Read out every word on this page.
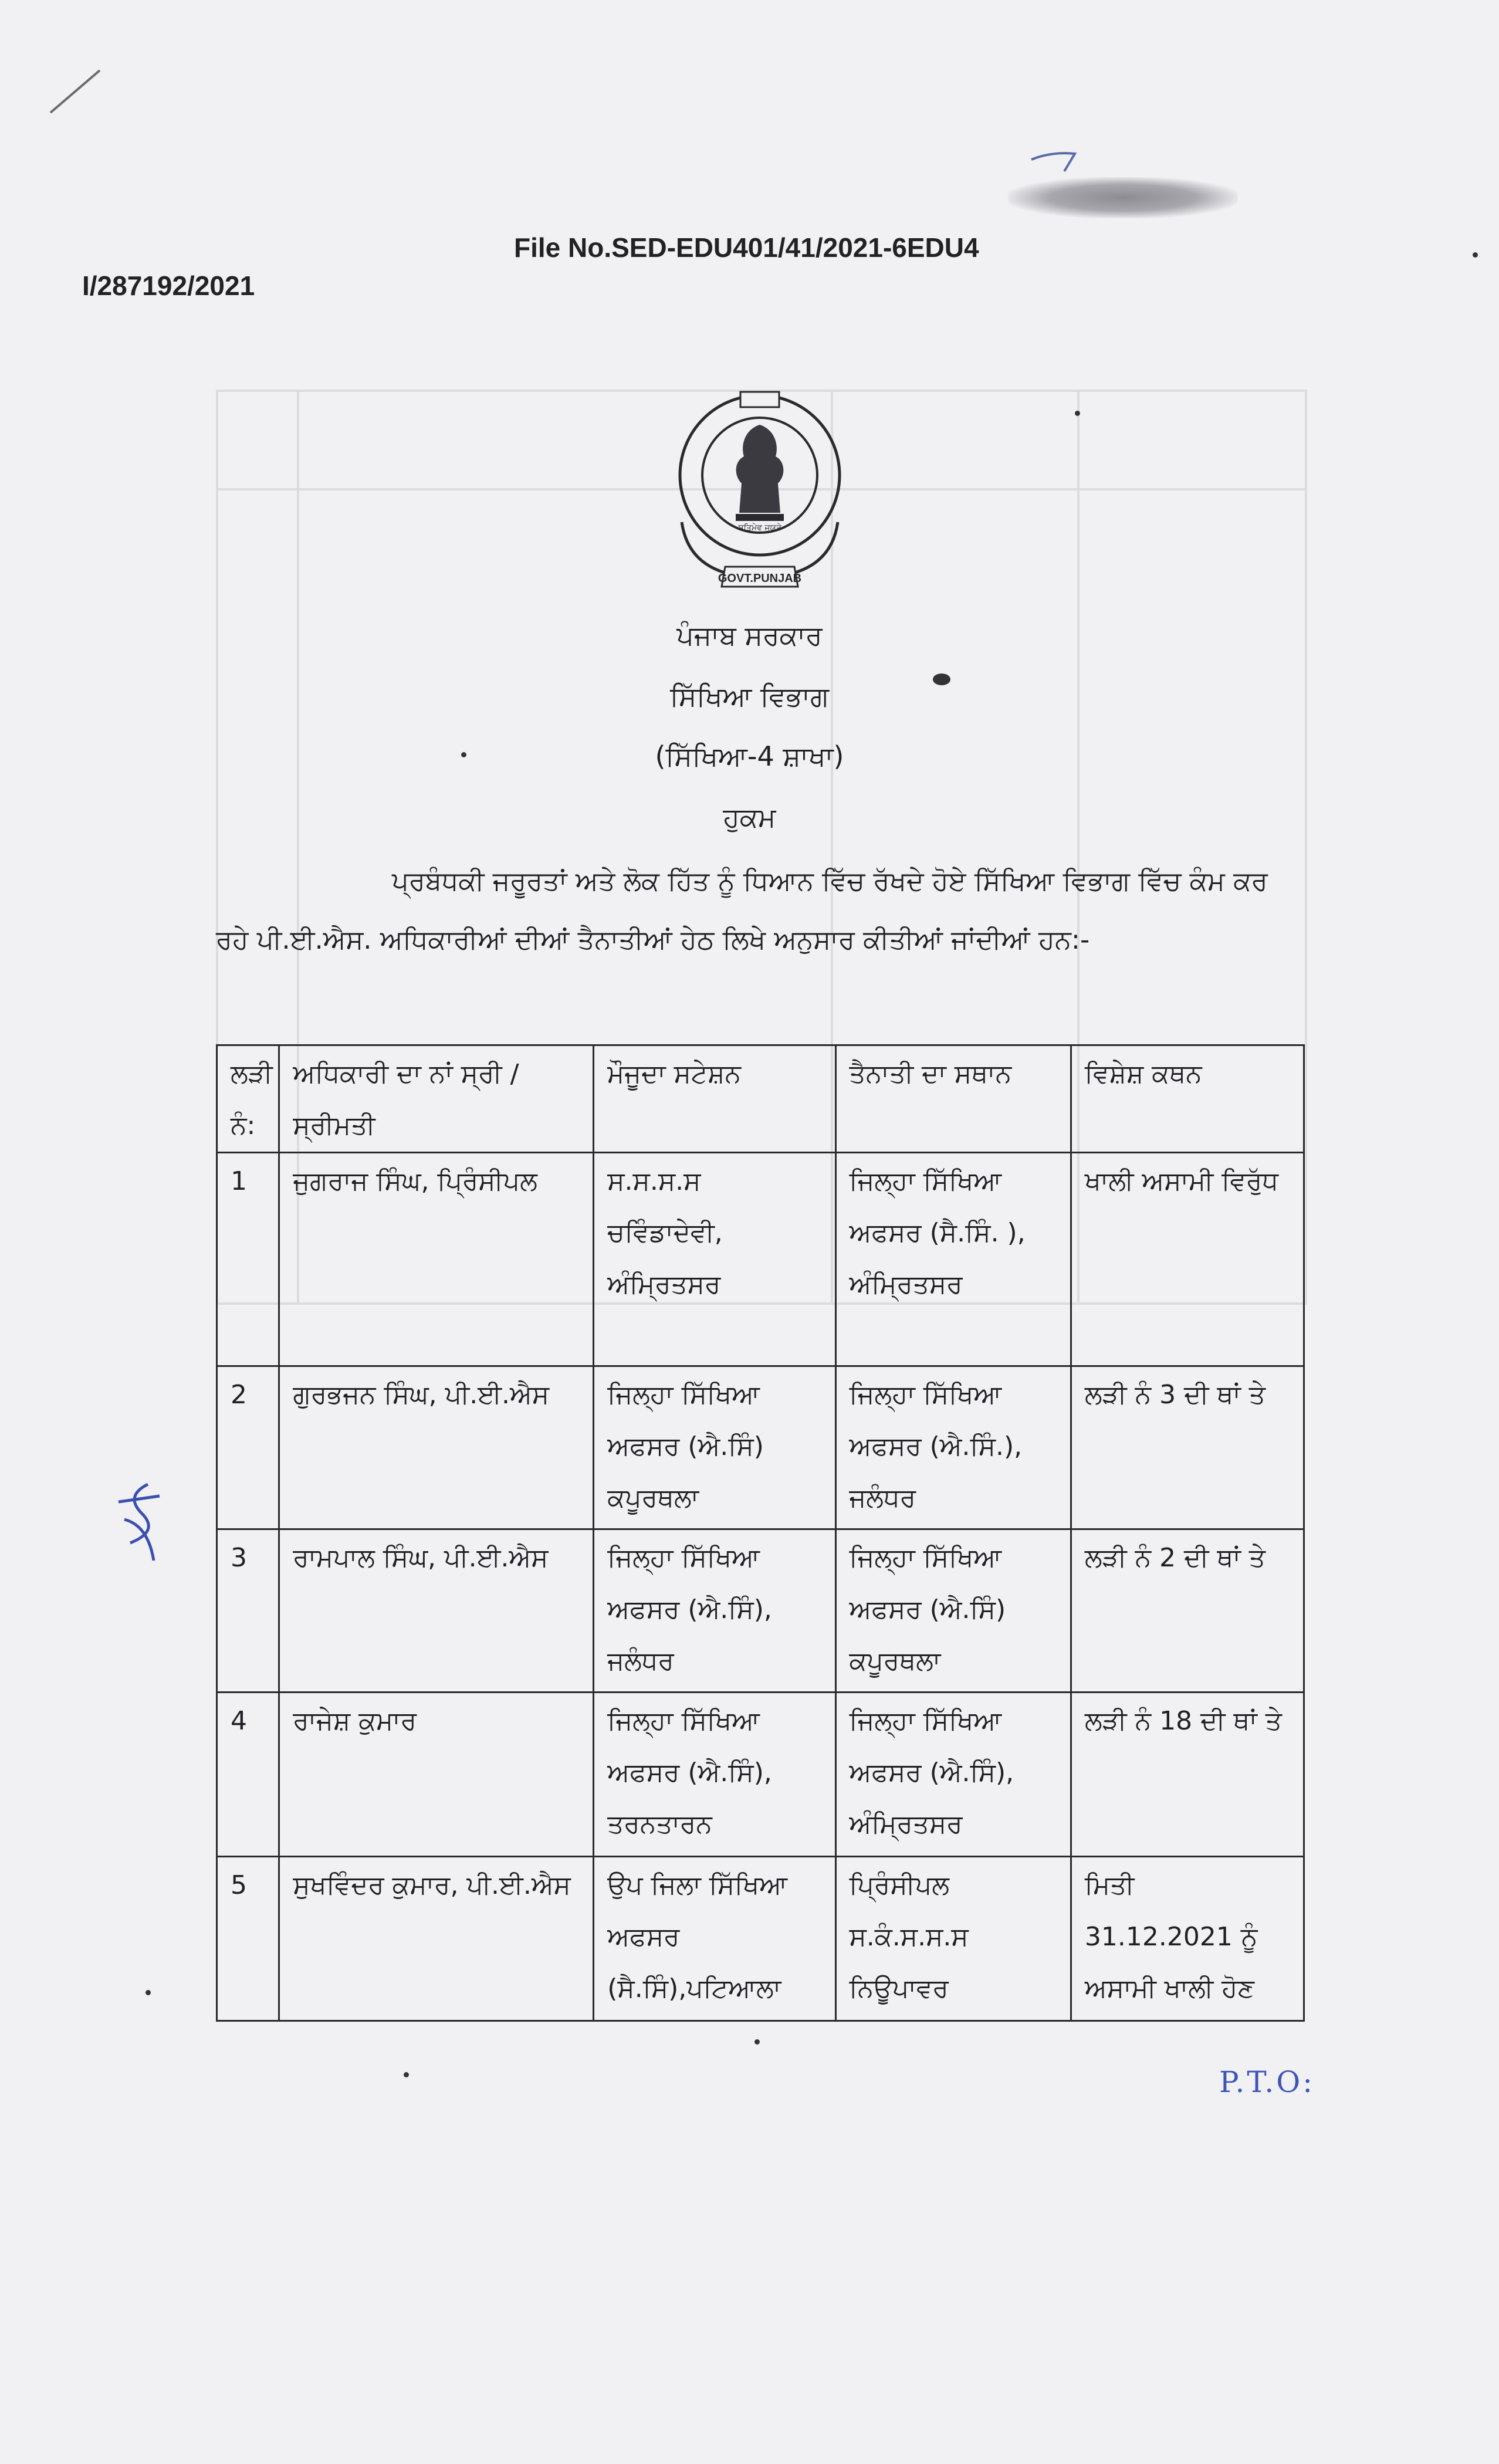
File No.SED-EDU401/41/2021-6EDU4
I/287192/2021
ਸਤਿਮੇਵ ਜਯਤੇ
GOVT.PUNJAB
ਪੰਜਾਬ ਸਰਕਾਰ
ਸਿੱਖਿਆ ਵਿਭਾਗ
(ਸਿੱਖਿਆ-4 ਸ਼ਾਖਾ)
ਹੁਕਮ
ਪ੍ਰਬੰਧਕੀ ਜਰੂਰਤਾਂ ਅਤੇ ਲੋਕ ਹਿੱਤ ਨੂੰ ਧਿਆਨ ਵਿੱਚ ਰੱਖਦੇ ਹੋਏ ਸਿੱਖਿਆ ਵਿਭਾਗ ਵਿੱਚ ਕੰਮ ਕਰ ਰਹੇ ਪੀ.ਈ.ਐਸ. ਅਧਿਕਾਰੀਆਂ ਦੀਆਂ ਤੈਨਾਤੀਆਂ ਹੇਠ ਲਿਖੇ ਅਨੁਸਾਰ ਕੀਤੀਆਂ ਜਾਂਦੀਆਂ ਹਨ:-
ਲੜੀ ਨੰ:	ਅਧਿਕਾਰੀ ਦਾ ਨਾਂ ਸ੍ਰੀ / ਸ੍ਰੀਮਤੀ	ਮੌਜੂਦਾ ਸਟੇਸ਼ਨ	ਤੈਨਾਤੀ ਦਾ ਸਥਾਨ	ਵਿਸ਼ੇਸ਼ ਕਥਨ
1	ਜੁਗਰਾਜ ਸਿੰਘ, ਪ੍ਰਿੰਸੀਪਲ	ਸ.ਸ.ਸ.ਸ ਚਵਿੰਡਾਦੇਵੀ, ਅੰਮ੍ਰਿਤਸਰ	ਜਿਲ੍ਹਾ ਸਿੱਖਿਆ ਅਫਸਰ (ਸੈ.ਸਿੰ. ), ਅੰਮ੍ਰਿਤਸਰ	ਖਾਲੀ ਅਸਾਮੀ ਵਿਰੁੱਧ
2	ਗੁਰਭਜਨ ਸਿੰਘ, ਪੀ.ਈ.ਐਸ	ਜਿਲ੍ਹਾ ਸਿੱਖਿਆ ਅਫਸਰ (ਐ.ਸਿੰ) ਕਪੂਰਥਲਾ	ਜਿਲ੍ਹਾ ਸਿੱਖਿਆ ਅਫਸਰ (ਐ.ਸਿੰ.), ਜਲੰਧਰ	ਲੜੀ ਨੰ 3 ਦੀ ਥਾਂ ਤੇ
3	ਰਾਮਪਾਲ ਸਿੰਘ, ਪੀ.ਈ.ਐਸ	ਜਿਲ੍ਹਾ ਸਿੱਖਿਆ ਅਫਸਰ (ਐ.ਸਿੰ), ਜਲੰਧਰ	ਜਿਲ੍ਹਾ ਸਿੱਖਿਆ ਅਫਸਰ (ਐ.ਸਿੰ) ਕਪੂਰਥਲਾ	ਲੜੀ ਨੰ 2 ਦੀ ਥਾਂ ਤੇ
4	ਰਾਜੇਸ਼ ਕੁਮਾਰ	ਜਿਲ੍ਹਾ ਸਿੱਖਿਆ ਅਫਸਰ (ਐ.ਸਿੰ), ਤਰਨਤਾਰਨ	ਜਿਲ੍ਹਾ ਸਿੱਖਿਆ ਅਫਸਰ (ਐ.ਸਿੰ), ਅੰਮ੍ਰਿਤਸਰ	ਲੜੀ ਨੰ 18 ਦੀ ਥਾਂ ਤੇ
5	ਸੁਖਵਿੰਦਰ ਕੁਮਾਰ, ਪੀ.ਈ.ਐਸ	ਉਪ ਜਿਲਾ ਸਿੱਖਿਆ ਅਫਸਰ (ਸੈ.ਸਿੰ),ਪਟਿਆਲਾ	ਪ੍ਰਿੰਸੀਪਲ ਸ.ਕੰ.ਸ.ਸ.ਸ ਨਿਊਪਾਵਰ	ਮਿਤੀ 31.12.2021 ਨੂੰ ਅਸਾਮੀ ਖਾਲੀ ਹੋਣ
P.T.O:
